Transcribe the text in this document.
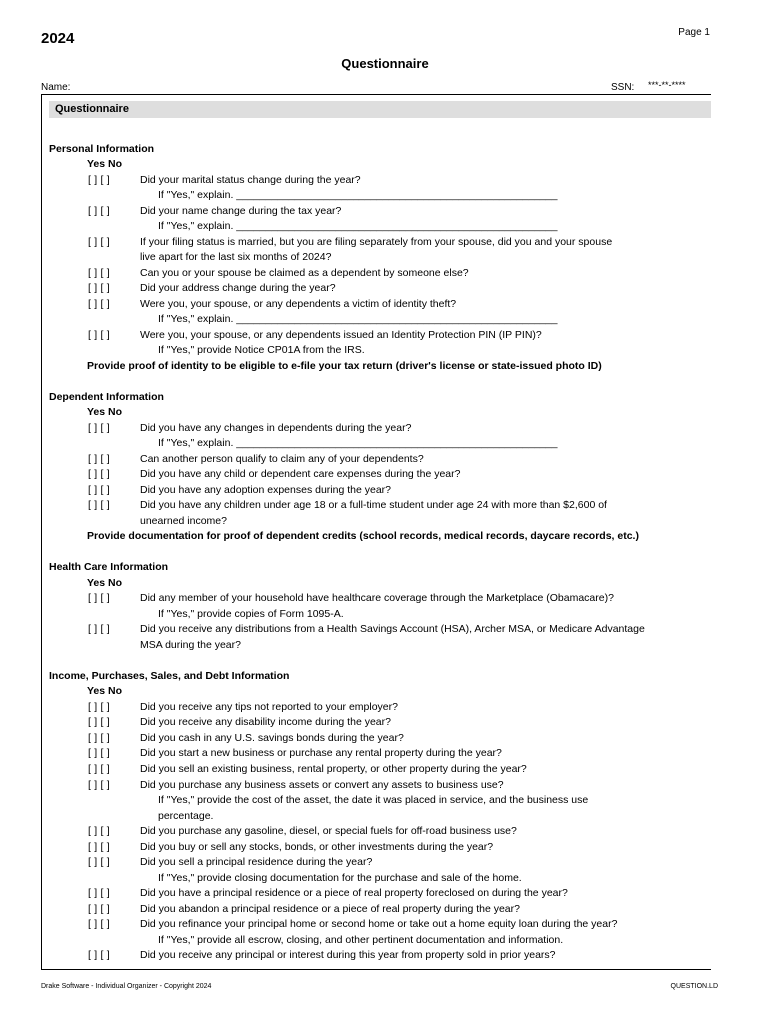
2024	Page 1
Questionnaire
Name:	SSN: ***-**-****
Questionnaire
Personal Information
Yes No
[ ] [ ]	Did your marital status change during the year?
If "Yes," explain. _______________________________________________________
[ ] [ ]	Did your name change during the tax year?
If "Yes," explain. _______________________________________________________
[ ] [ ]	If your filing status is married, but you are filing separately from your spouse, did you and your spouse
live apart for the last six months of 2024?
[ ] [ ]	Can you or your spouse be claimed as a dependent by someone else?
[ ] [ ]	Did your address change during the year?
[ ] [ ]	Were you, your spouse, or any dependents a victim of identity theft?
If "Yes," explain. _______________________________________________________
[ ] [ ]	Were you, your spouse, or any dependents issued an Identity Protection PIN (IP PIN)?
If "Yes," provide Notice CP01A from the IRS.
Provide proof of identity to be eligible to e-file your tax return (driver's license or state-issued photo ID)
Dependent Information
Yes No
[ ] [ ]	Did you have any changes in dependents during the year?
If "Yes," explain. _______________________________________________________
[ ] [ ]	Can another person qualify to claim any of your dependents?
[ ] [ ]	Did you have any child or dependent care expenses during the year?
[ ] [ ]	Did you have any adoption expenses during the year?
[ ] [ ]	Did you have any children under age 18 or a full-time student under age 24 with more than $2,600 of
unearned income?
Provide documentation for proof of dependent credits (school records, medical records, daycare records, etc.)
Health Care Information
Yes No
[ ] [ ]	Did any member of your household have healthcare coverage through the Marketplace (Obamacare)?
If "Yes," provide copies of Form 1095-A.
[ ] [ ]	Did you receive any distributions from a Health Savings Account (HSA), Archer MSA, or Medicare Advantage
MSA during the year?
Income, Purchases, Sales, and Debt Information
Yes No
[ ] [ ]	Did you receive any tips not reported to your employer?
[ ] [ ]	Did you receive any disability income during the year?
[ ] [ ]	Did you cash in any U.S. savings bonds during the year?
[ ] [ ]	Did you start a new business or purchase any rental property during the year?
[ ] [ ]	Did you sell an existing business, rental property, or other property during the year?
[ ] [ ]	Did you purchase any business assets or convert any assets to business use?
If "Yes," provide the cost of the asset, the date it was placed in service, and the business use
percentage.
[ ] [ ]	Did you purchase any gasoline, diesel, or special fuels for off-road business use?
[ ] [ ]	Did you buy or sell any stocks, bonds, or other investments during the year?
[ ] [ ]	Did you sell a principal residence during the year?
If "Yes," provide closing documentation for the purchase and sale of the home.
[ ] [ ]	Did you have a principal residence or a piece of real property foreclosed on during the year?
[ ] [ ]	Did you abandon a principal residence or a piece of real property during the year?
[ ] [ ]	Did you refinance your principal home or second home or take out a home equity loan during the year?
If "Yes," provide all escrow, closing, and other pertinent documentation and information.
[ ] [ ]	Did you receive any principal or interest during this year from property sold in prior years?
Drake Software - Individual Organizer - Copyright 2024	QUESTION.LD
